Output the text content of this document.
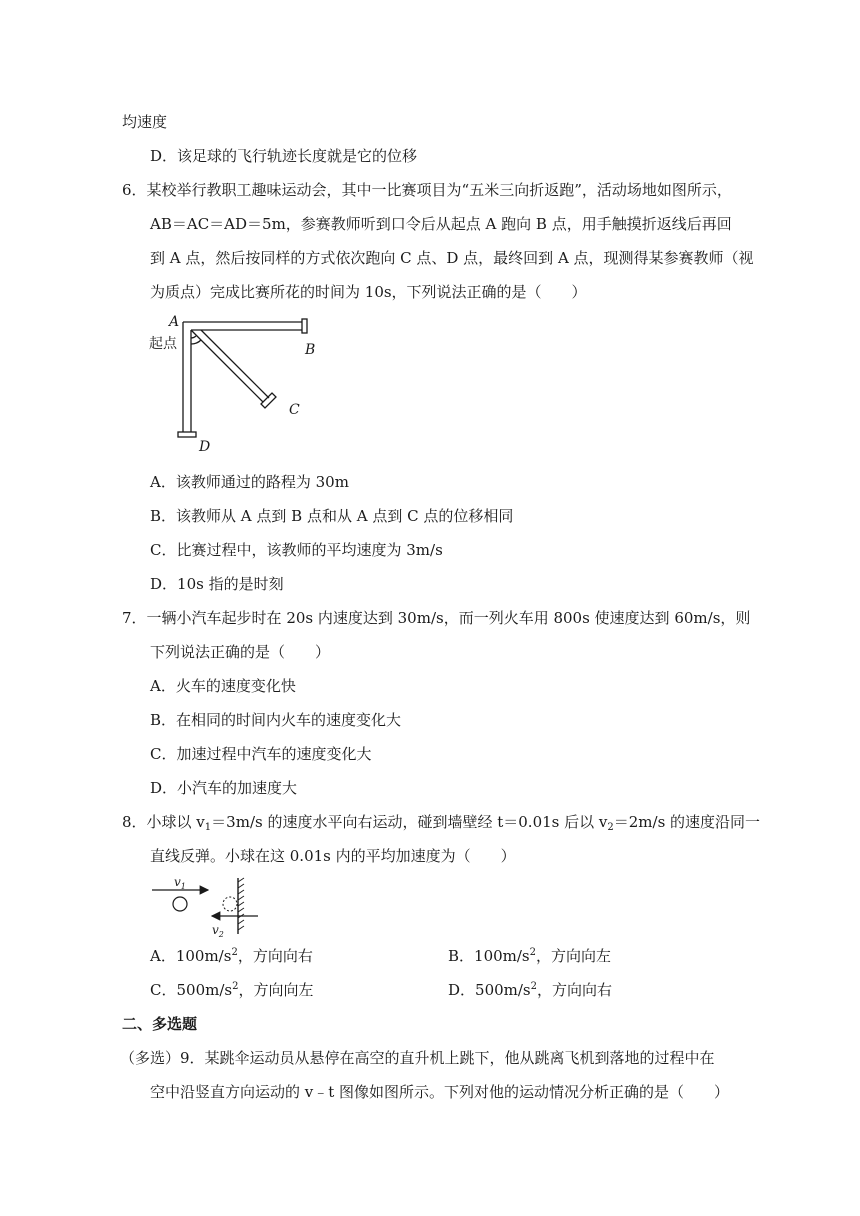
均速度
D．该足球的飞行轨迹长度就是它的位移
6．某校举行教职工趣味运动会，其中一比赛项目为“五米三向折返跑”，活动场地如图所示，
AB＝AC＝AD＝5m，参赛教师听到口令后从起点 A 跑向 B 点，用手触摸折返线后再回
到 A 点，然后按同样的方式依次跑向 C 点、D 点，最终回到 A 点，现测得某参赛教师（视
为质点）完成比赛所花的时间为 10s，下列说法正确的是（　　）
A
起点	B
C
D
A．该教师通过的路程为 30m
B．该教师从 A 点到 B 点和从 A 点到 C 点的位移相同
C．比赛过程中，该教师的平均速度为 3m/s
D．10s 指的是时刻
7．一辆小汽车起步时在 20s 内速度达到 30m/s，而一列火车用 800s 使速度达到 60m/s，则
下列说法正确的是（　　）
A．火车的速度变化快
B．在相同的时间内火车的速度变化大
C．加速过程中汽车的速度变化大
D．小汽车的加速度大
8．小球以 $v_1=3m/s$ 的速度水平向右运动，碰到墙壁经 t＝0.01s 后以 $v_2=2m/s$ 的速度沿同一
直线反弹。小球在这 0.01s 内的平均加速度为（　　）
$v_1$
$v_2$
A．$100m/s^2$，方向向右	B．$100m/s^2$，方向向左
C．$500m/s^2$，方向向左	D．$500m/s^2$，方向向右
二、多选题
（多选）9．某跳伞运动员从悬停在高空的直升机上跳下，他从跳离飞机到落地的过程中在
空中沿竖直方向运动的 v﹣t 图像如图所示。下列对他的运动情况分析正确的是（　　）
